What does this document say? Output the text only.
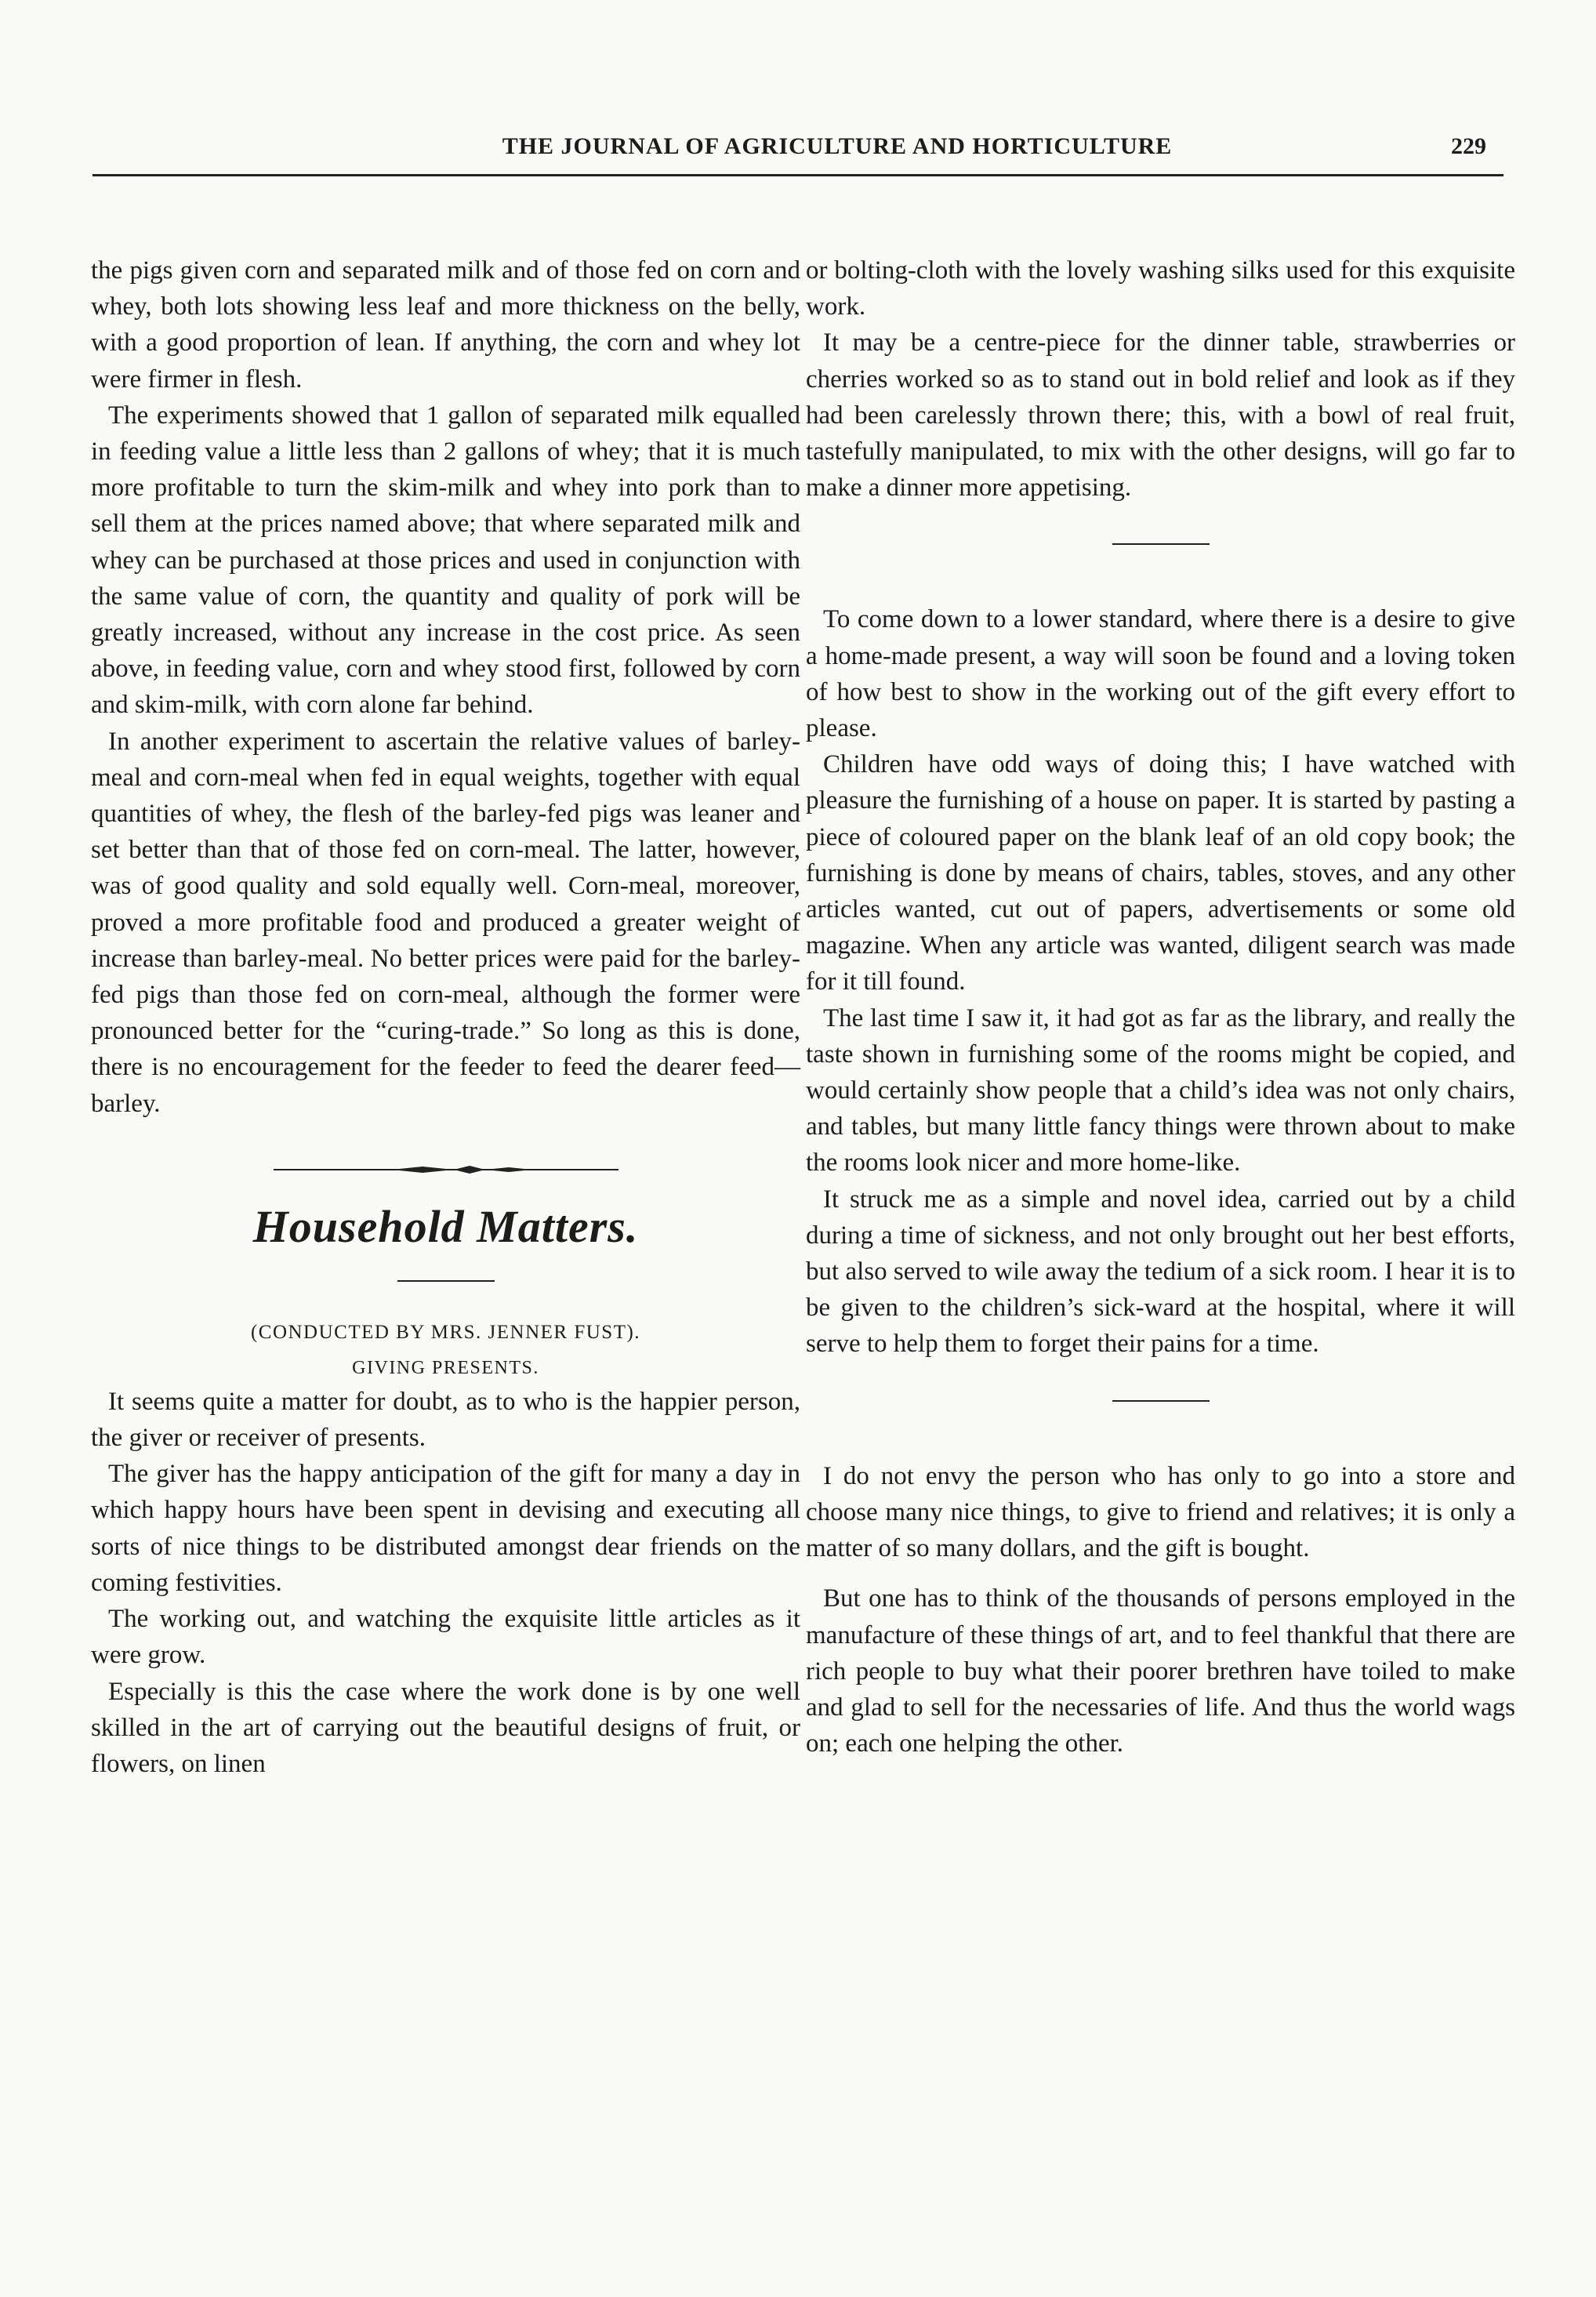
THE JOURNAL OF AGRICULTURE AND HORTICULTURE	229

the pigs given corn and separated milk and of those fed on corn and whey, both lots showing less leaf and more thickness on the belly, with a good proportion of lean. If anything, the corn and whey lot were firmer in flesh.

The experiments showed that 1 gallon of separated milk equalled in feeding value a little less than 2 gallons of whey; that it is much more profitable to turn the skim-milk and whey into pork than to sell them at the prices named above; that where separated milk and whey can be purchased at those prices and used in conjunction with the same value of corn, the quantity and quality of pork will be greatly increased, without any increase in the cost price. As seen above, in feeding value, corn and whey stood first, followed by corn and skim-milk, with corn alone far behind.

In another experiment to ascertain the relative values of barley-meal and corn-meal when fed in equal weights, together with equal quantities of whey, the flesh of the barley-fed pigs was leaner and set better than that of those fed on corn-meal. The latter, however, was of good quality and sold equally well. Corn-meal, moreover, proved a more profitable food and produced a greater weight of increase than barley-meal. No better prices were paid for the barley-fed pigs than those fed on corn-meal, although the former were pronounced better for the “curing-trade.” So long as this is done, there is no encouragement for the feeder to feed the dearer feed—barley.

Household Matters.

(CONDUCTED BY MRS. JENNER FUST).

GIVING PRESENTS.

It seems quite a matter for doubt, as to who is the happier person, the giver or receiver of presents.

The giver has the happy anticipation of the gift for many a day in which happy hours have been spent in devising and executing all sorts of nice things to be distributed amongst dear friends on the coming festivities.

The working out, and watching the exquisite little articles as it were grow.

Especially is this the case where the work done is by one well skilled in the art of carrying out the beautiful designs of fruit, or flowers, on linen

or bolting-cloth with the lovely washing silks used for this exquisite work.

It may be a centre-piece for the dinner table, strawberries or cherries worked so as to stand out in bold relief and look as if they had been carelessly thrown there; this, with a bowl of real fruit, tastefully manipulated, to mix with the other designs, will go far to make a dinner more appetising.

To come down to a lower standard, where there is a desire to give a home-made present, a way will soon be found and a loving token of how best to show in the working out of the gift every effort to please.

Children have odd ways of doing this; I have watched with pleasure the furnishing of a house on paper. It is started by pasting a piece of coloured paper on the blank leaf of an old copy book; the furnishing is done by means of chairs, tables, stoves, and any other articles wanted, cut out of papers, advertisements or some old magazine. When any article was wanted, diligent search was made for it till found.

The last time I saw it, it had got as far as the library, and really the taste shown in furnishing some of the rooms might be copied, and would certainly show people that a child’s idea was not only chairs, and tables, but many little fancy things were thrown about to make the rooms look nicer and more home-like.

It struck me as a simple and novel idea, carried out by a child during a time of sickness, and not only brought out her best efforts, but also served to wile away the tedium of a sick room. I hear it is to be given to the children’s sick-ward at the hospital, where it will serve to help them to forget their pains for a time.

I do not envy the person who has only to go into a store and choose many nice things, to give to friend and relatives; it is only a matter of so many dollars, and the gift is bought.

But one has to think of the thousands of persons employed in the manufacture of these things of art, and to feel thankful that there are rich people to buy what their poorer brethren have toiled to make and glad to sell for the necessaries of life. And thus the world wags on; each one helping the other.
